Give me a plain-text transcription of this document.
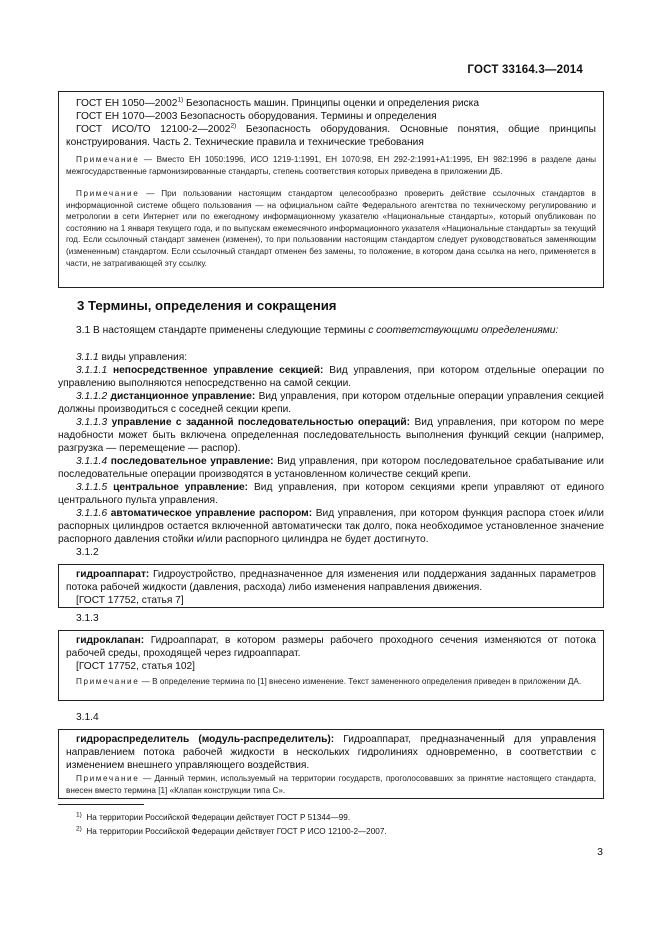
ГОСТ 33164.3—2014
ГОСТ ЕН 1050—2002$^{1)}$ Безопасность машин. Принципы оценки и определения риска
ГОСТ ЕН 1070—2003 Безопасность оборудования. Термины и определения
ГОСТ ИСО/ТО 12100-2—2002$^{2)}$ Безопасность оборудования. Основные понятия, общие принципы конструирования. Часть 2. Технические правила и технические требования
Примечание — Вместо ЕН 1050:1996, ИСО 1219-1:1991, ЕН 1070:98, ЕН 292-2:1991+А1:1995, ЕН 982:1996 в разделе даны межгосударственные гармонизированные стандарты, степень соответствия которых приведена в приложении ДБ.
Примечание — При пользовании настоящим стандартом целесообразно проверить действие ссылочных стандартов в информационной системе общего пользования — на официальном сайте Федерального агентства по техническому регулированию и метрологии в сети Интернет или по ежегодному информационному указателю «Национальные стандарты», который опубликован по состоянию на 1 января текущего года, и по выпускам ежемесячного информационного указателя «Национальные стандарты» за текущий год. Если ссылочный стандарт заменен (изменен), то при пользовании настоящим стандартом следует руководствоваться заменяющим (измененным) стандартом. Если ссылочный стандарт отменен без замены, то положение, в котором дана ссылка на него, применяется в части, не затрагивающей эту ссылку.
3 Термины, определения и сокращения
3.1 В настоящем стандарте применены следующие термины с соответствующими определениями:
3.1.1 виды управления:
3.1.1.1 непосредственное управление секцией: Вид управления, при котором отдельные операции по управлению выполняются непосредственно на самой секции.
3.1.1.2 дистанционное управление: Вид управления, при котором отдельные операции управления секцией должны производиться с соседней секции крепи.
3.1.1.3 управление с заданной последовательностью операций: Вид управления, при котором по мере надобности может быть включена определенная последовательность выполнения функций секции (например, разгрузка — перемещение — распор).
3.1.1.4 последовательное управление: Вид управления, при котором последовательное срабатывание или последовательные операции производятся в установленном количестве секций крепи.
3.1.1.5 центральное управление: Вид управления, при котором секциями крепи управляют от единого центрального пульта управления.
3.1.1.6 автоматическое управление распором: Вид управления, при котором функция распора стоек и/или распорных цилиндров остается включенной автоматически так долго, пока необходимое установленное значение распорного давления стойки и/или распорного цилиндра не будет достигнуто.
3.1.2
гидроаппарат: Гидроустройство, предназначенное для изменения или поддержания заданных параметров потока рабочей жидкости (давления, расхода) либо изменения направления движения.
[ГОСТ 17752, статья 7]
3.1.3
гидроклапан: Гидроаппарат, в котором размеры рабочего проходного сечения изменяются от потока рабочей среды, проходящей через гидроаппарат.
[ГОСТ 17752, статья 102]
Примечание — В определение термина по [1] внесено изменение. Текст замененного определения приведен в приложении ДА.
3.1.4
гидрораспределитель (модуль-распределитель): Гидроаппарат, предназначенный для управления направлением потока рабочей жидкости в нескольких гидролиниях одновременно, в соответствии с изменением внешнего управляющего воздействия.
Примечание — Данный термин, используемый на территории государств, проголосовавших за принятие настоящего стандарта, внесен вместо термина [1] «Клапан конструкции типа С».
$^{1)}$ На территории Российской Федерации действует ГОСТ Р 51344—99.
$^{2)}$ На территории Российской Федерации действует ГОСТ Р ИСО 12100-2—2007.
3
